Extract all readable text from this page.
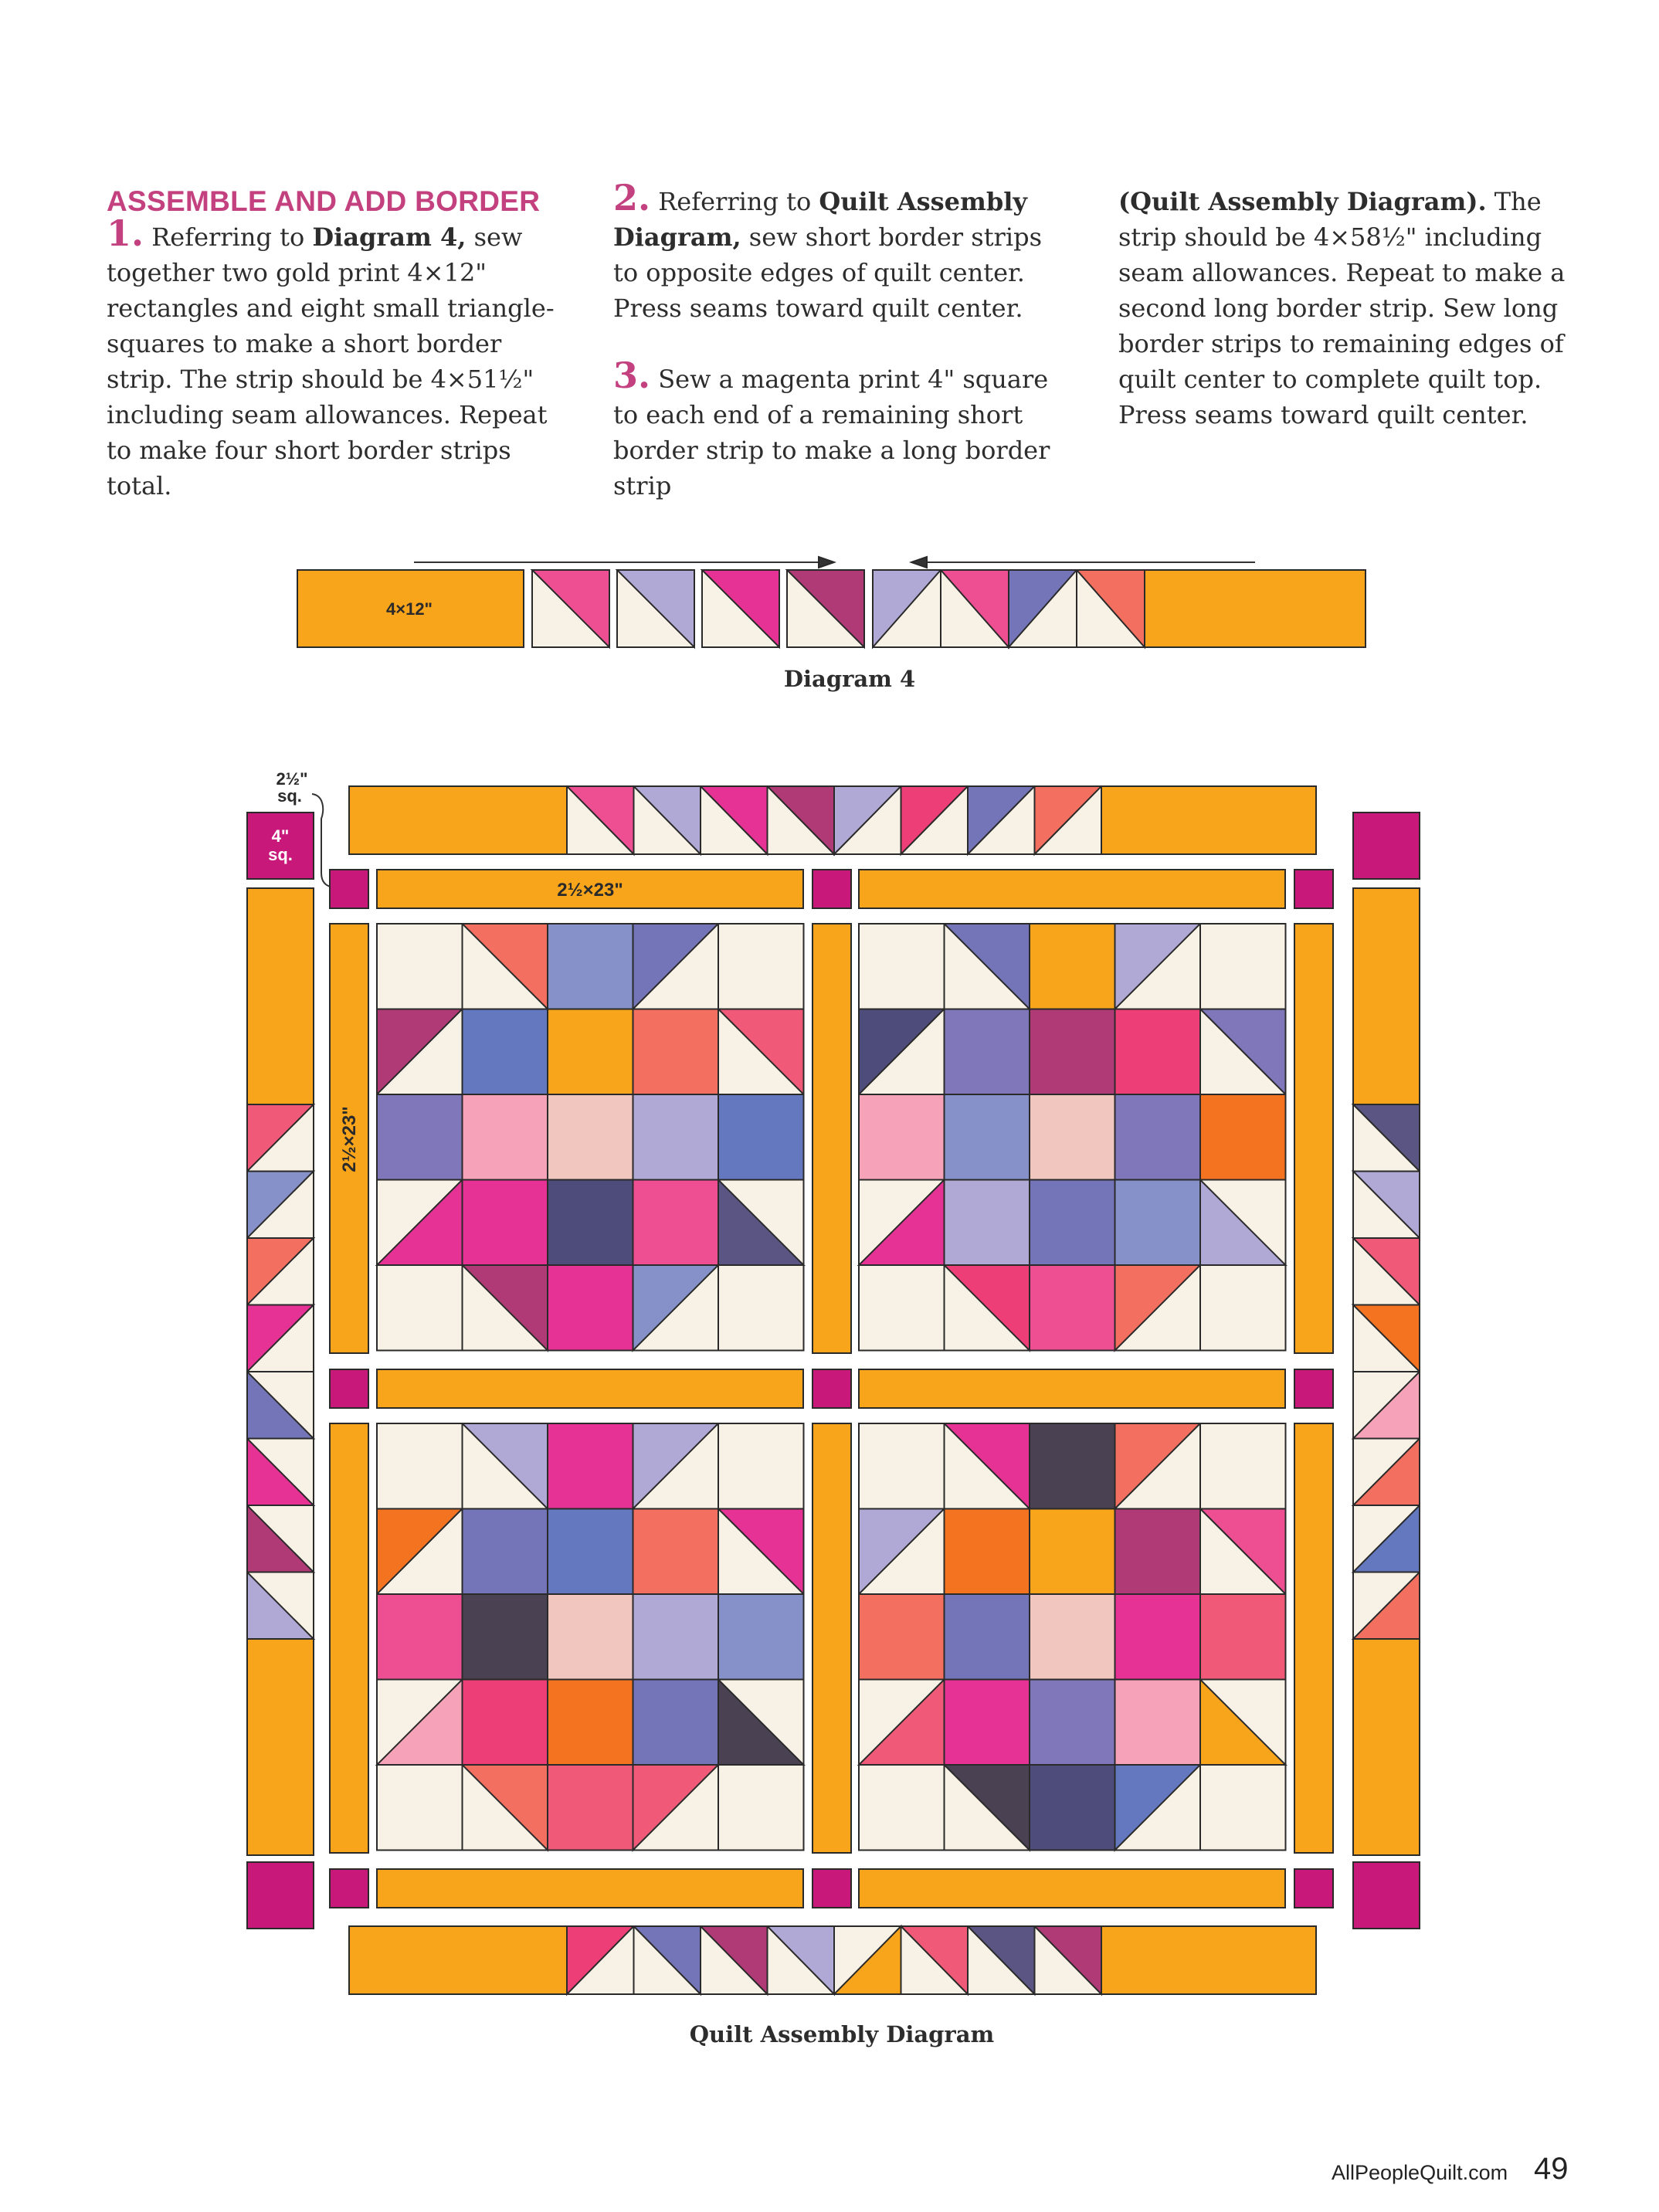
ASSEMBLE AND ADD BORDER

1. Referring to Diagram 4, sew together two gold print 4×12" rectangles and eight small triangle-squares to make a short border strip. The strip should be 4×51½" including seam allowances. Repeat to make four short border strips total.

2. Referring to Quilt Assembly Diagram, sew short border strips to opposite edges of quilt center. Press seams toward quilt center.

3. Sew a magenta print 4" square to each end of a remaining short border strip to make a long border strip

(Quilt Assembly Diagram). The strip should be 4×58½" including seam allowances. Repeat to make a second long border strip. Sew long border strips to remaining edges of quilt center to complete quilt top. Press seams toward quilt center.

4×12"
Diagram 4
4"
sq.
2½"
sq.
2½×23"
2½×23"
Quilt Assembly Diagram
AllPeopleQuilt.com 49
